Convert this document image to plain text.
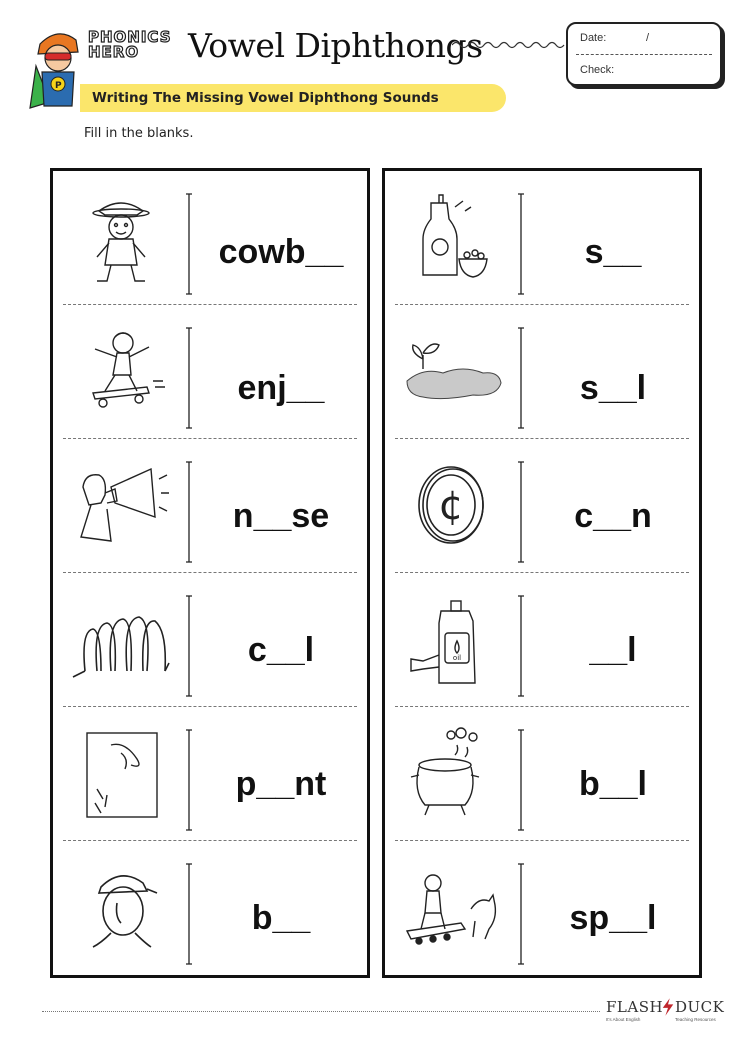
P
PHONICS
HERO	Vowel Diphthongs	Date:	/
Check:
Writing The Missing Vowel Diphthong Sounds
Fill in the blanks.
cowb__
enj__
n__se
c__l
p__nt
b__
s__
s__l
¢	c__n
oil	__l
b__l
sp__l
FLASH DUCK
It's About English	Teaching Resources
